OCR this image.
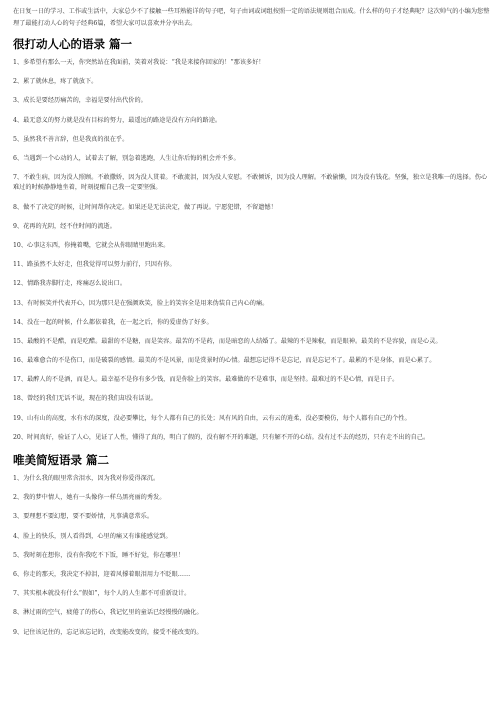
在日复一日的学习、工作或生活中，大家总少不了接触一些耳熟能详的句子吧，句子由词或词组按照一定的语法规则组合而成。什么样的句子才经典呢？这次帅气的小编为您整理了最能打动人心的句子经典6篇，希望大家可以喜欢并分享出去。

很打动人心的语录 篇一

1、多希望有那么一天，你突然站在我面前，笑着对我说：“我是来接你回家的！”那该多好！

2、累了就休息，疼了就放下。

3、成长是要经历痛苦的，幸福是要付出代价的。

4、最无意义的努力就是没有目标的努力，最遥远的路途是没有方向的路途。

5、虽然我不善言辞，但是我真的很在乎。

6、当遇到一个心动的人，试着去了解，别急着逃跑，人生让你后悔的机会并不多。

7、不敢生病，因为没人照顾。不敢撒娇，因为没人贯着。不敢流泪，因为没人安慰。不敢倾诉，因为没人理解。不敢偷懒，因为没有钱花。坚强，独立是我唯一的选择。伤心难过的时候静静地坐着，时刻提醒自己我一定要坚强。

8、做不了决定的时候，让时间帮你决定。如果还是无法决定，做了再说。宁愿犯错，不留遗憾！

9、花再的光阴，经不住时间的流逝。

10、心事这东西，你掩着嘴，它就会从你眼睛里跑出来。

11、路虽然不太好走，但我觉得可以努力前行，只因有你。

12、情路我赤脚行走，疼痛忍么说出口。

13、有时候笑并代表开心，因为那只是在强颜欢笑，脸上的笑容全是用来伪装自己内心的痛。

14、没在一起的时候，什么都依着我，在一起之后，你的爱虚伪了好多。

15、最酸的不是醋，而是吃醋。最甜的不是糖，而是笑容。最苦的不是药，而是暗恋的人结婚了。最辣的不是辣椒，而是眼神。最美的不是容貌，而是心灵。

16、最难愈合的不是伤口，而是破裂的感情。最美的不是风景，而是赏景时的心情。最想忘记得不是忘记，而是忘记不了。最累的不是身体，而是心累了。

17、最醉人的不是酒，而是人。最幸福不是你有多少钱，而是你脸上的笑容。最难做的不是难事，而是坚持。最难过的不是心情，而是日子。

18、曾经的我们无话不说，现在的我们却没有话说。

19、山有山的高度，水有水的深度，没必要攀比，每个人都有自己的长处；风有风的自由，云有云的逍柔，没必要模仿，每个人都有自己的个性。

20、时间真好，验证了人心，见证了人性，懂得了真的，明白了假的，没有解不开的难题，只有解不开的心结。没有过不去的经历，只有走不出的自己。

唯美简短语录 篇二

1、为什么我的眼里常含泪水，因为我对你爱得深沉。

2、我的梦中情人，她有一头像你一样乌黑亮丽的秀发。

3、要理想不要幻想，要不要娇情，凡事满意常乐。

4、脸上的快乐，别人看得到，心里的痛又有谁能感觉到。

5、我时刻在想你，没有你我吃不下饭，睡不好觉，你在哪里！

6、你走的那天，我决定不掉泪，迎着风撑着眼泪用力不眨眼……

7、其实根本就没有什么“假如”，每个人的人生都不可重新设计。

8、淋过雨的空气，疲倦了的伤心，我记忆里的童话已经慢慢的融化。

9、记住该记住的，忘记该忘记的，改变能改变的，接受不能改变的。
